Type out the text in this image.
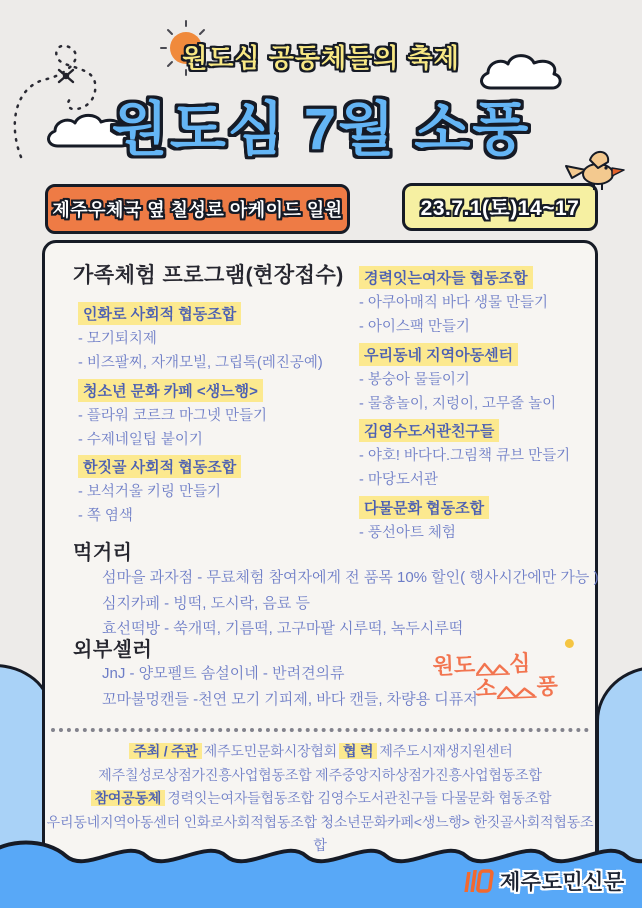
원도심 공동체들의 축제
원도심 7월 소풍
제주우체국 옆 칠성로 아케이드 일원	23.7.1(토)14~17
가족체험 프로그램(현장접수)
인화로 사회적 협동조합
- 모기퇴치제
- 비즈팔찌, 자개모빌, 그립톡(레진공예)
청소년 문화 카페 <생느행>
- 플라워 코르크 마그넷 만들기
- 수제네일팁 붙이기
한짓골 사회적 협동조합
- 보석거울 키링 만들기
- 쪽 염색
경력잇는여자들 협동조합
- 아쿠아매직 바다 생물 만들기
- 아이스팩 만들기
우리동네 지역아동센터
- 봉숭아 물들이기
- 물총놀이, 지렁이, 고무줄 놀이
김영수도서관친구들
- 야호! 바다다.그림책 큐브 만들기
- 마당도서관
다물문화 협동조합
- 풍선아트 체험
먹거리
섬마을 과자점 - 무료체험 참여자에게 전 품목 10% 할인( 행사시간에만 가능 )
심지카페 - 빙떡, 도시락, 음료 등
효선떡방 - 쑥개떡, 기름떡, 고구마팥 시루떡, 녹두시루떡
외부셀러
JnJ - 양모펠트 솜설이네 - 반려견의류
꼬마불멍캔들 -천연 모기 기피제, 바다 캔들, 차량용 디퓨저
원도 심
소 풍
주최 / 주관 제주도민문화시장협회 협 력 제주도시재생지원센터
제주칠성로상점가진흥사업협동조합 제주중앙지하상점가진흥사업협동조합
참여공동체 경력잇는여자들협동조합 김영수도서관친구들 다물문화 협동조합
우리동네지역아동센터 인화로사회적협동조합 청소년문화카페<생느행> 한짓골사회적협동조합
제주도민신문
